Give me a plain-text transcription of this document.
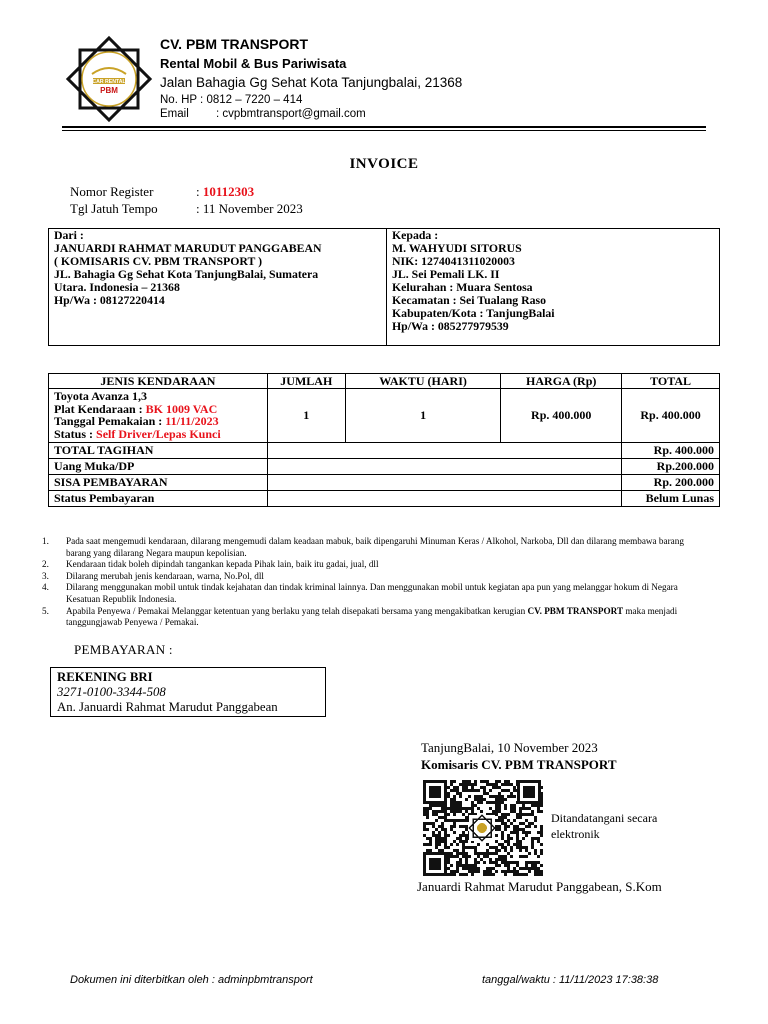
CAR RENTAL
PBM
CV. PBM TRANSPORT
Rental Mobil & Bus Pariwisata
Jalan Bahagia Gg Sehat Kota Tanjungbalai, 21368
No. HP : 0812 – 7220 – 414
Email : cvpbmtransport@gmail.com
INVOICE
Nomor Register	: 10112303
Tgl Jatuh Tempo	: 11 November 2023
Dari :
JANUARDI RAHMAT MARUDUT PANGGABEAN
( KOMISARIS CV. PBM TRANSPORT )
JL. Bahagia Gg Sehat Kota TanjungBalai, Sumatera
Utara. Indonesia – 21368
Hp/Wa : 08127220414
Kepada :
M. WAHYUDI SITORUS
NIK: 1274041311020003
JL. Sei Pemali LK. II
Kelurahan : Muara Sentosa
Kecamatan : Sei Tualang Raso
Kabupaten/Kota : TanjungBalai
Hp/Wa : 085277979539
JENIS KENDARAAN	JUMLAH	WAKTU (HARI)	HARGA (Rp)	TOTAL

Toyota Avanza 1,3
Plat Kendaraan : BK 1009 VAC
Tanggal Pemakaian : 11/11/2023
Status : Self Driver/Lepas Kunci	1	1	Rp. 400.000	Rp. 400.000
TOTAL TAGIHAN				Rp. 400.000
Uang Muka/DP				Rp.200.000
SISA PEMBAYARAN				Rp. 200.000
Status Pembayaran				Belum Lunas
1.	Pada saat mengemudi kendaraan, dilarang mengemudi dalam keadaan mabuk, baik dipengaruhi Minuman Keras / Alkohol, Narkoba, Dll dan dilarang membawa barang barang yang dilarang Negara maupun kepolisian.
2.	Kendaraan tidak boleh dipindah tangankan kepada Pihak lain, baik itu gadai, jual, dll
3.	Dilarang merubah jenis kendaraan, warna, No.Pol, dll
4.	Dilarang menggunakan mobil untuk tindak kejahatan dan tindak kriminal lainnya. Dan menggunakan mobil untuk kegiatan apa pun yang melanggar hokum di Negara Kesatuan Republik Indonesia.
5.	Apabila Penyewa / Pemakai Melanggar ketentuan yang berlaku yang telah disepakati bersama yang mengakibatkan kerugian CV. PBM TRANSPORT maka menjadi tanggungjawab Penyewa / Pemakai.
PEMBAYARAN :
REKENING BRI
3271-0100-3344-508
An. Januardi Rahmat Marudut Panggabean
TanjungBalai, 10 November 2023
Komisaris CV. PBM TRANSPORT
Ditandatangani secara
elektronik
Januardi Rahmat Marudut Panggabean, S.Kom
Dokumen ini diterbitkan oleh : adminpbmtransport	tanggal/waktu : 11/11/2023 17:38:38
